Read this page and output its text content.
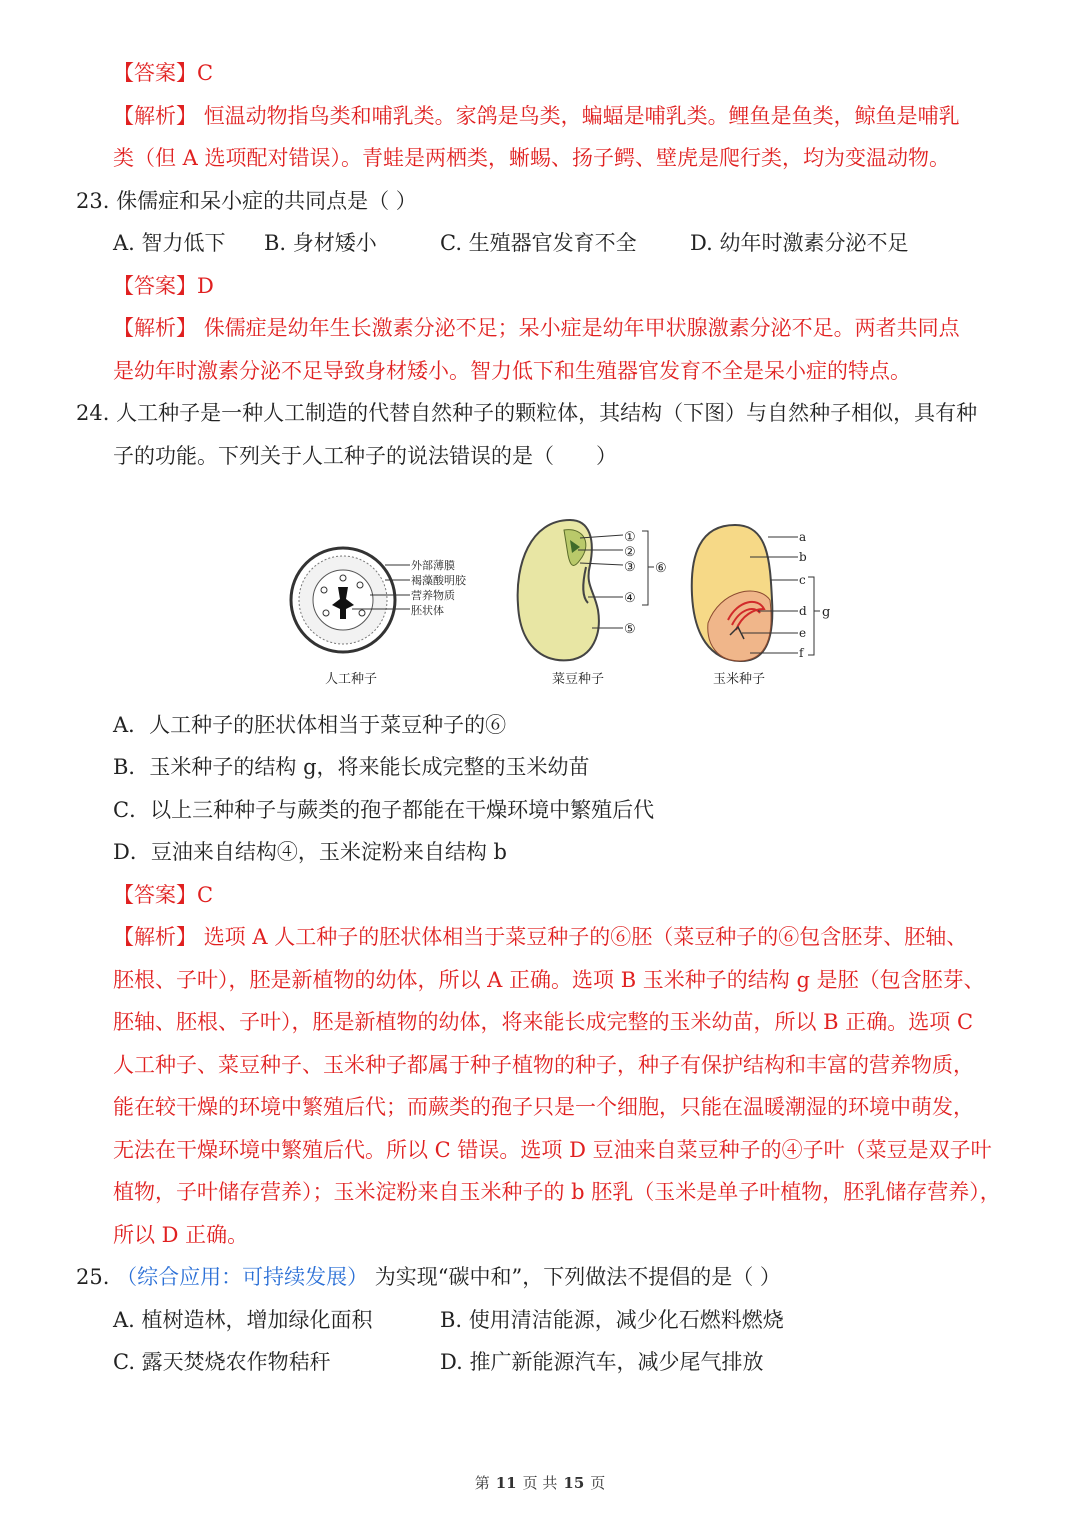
【答案】C
【解析】 恒温动物指鸟类和哺乳类。家鸽是鸟类，蝙蝠是哺乳类。鲤鱼是鱼类，鲸鱼是哺乳
类（但 A 选项配对错误）。青蛙是两栖类，蜥蜴、扬子鳄、壁虎是爬行类，均为变温动物。
23. 侏儒症和呆小症的共同点是（ ）
A. 智力低下 B. 身材矮小	C. 生殖器官发育不全	D. 幼年时激素分泌不足
【答案】D
【解析】 侏儒症是幼年生长激素分泌不足；呆小症是幼年甲状腺激素分泌不足。两者共同点
是幼年时激素分泌不足导致身材矮小。智力低下和生殖器官发育不全是呆小症的特点。
24. 人工种子是一种人工制造的代替自然种子的颗粒体，其结构（下图）与自然种子相似，具有种
子的功能。下列关于人工种子的说法错误的是（　　）
外部薄膜
褐藻酸明胶
营养物质
胚状体
人工种子
①
②
③
④
⑤
⑥
菜豆种子
a
b
c
d
e
f
g
玉米种子
A．人工种子的胚状体相当于菜豆种子的⑥
B．玉米种子的结构 g，将来能长成完整的玉米幼苗
C．以上三种种子与蕨类的孢子都能在干燥环境中繁殖后代
D．豆油来自结构④，玉米淀粉来自结构 b
【答案】C
【解析】 选项 A 人工种子的胚状体相当于菜豆种子的⑥胚（菜豆种子的⑥包含胚芽、胚轴、
胚根、子叶），胚是新植物的幼体，所以 A 正确。选项 B 玉米种子的结构 g 是胚（包含胚芽、
胚轴、胚根、子叶），胚是新植物的幼体，将来能长成完整的玉米幼苗，所以 B 正确。选项 C
人工种子、菜豆种子、玉米种子都属于种子植物的种子，种子有保护结构和丰富的营养物质，
能在较干燥的环境中繁殖后代；而蕨类的孢子只是一个细胞，只能在温暖潮湿的环境中萌发，
无法在干燥环境中繁殖后代。所以 C 错误。选项 D 豆油来自菜豆种子的④子叶（菜豆是双子叶
植物，子叶储存营养）；玉米淀粉来自玉米种子的 b 胚乳（玉米是单子叶植物，胚乳储存营养），
所以 D 正确。
25. （综合应用：可持续发展） 为实现“碳中和”，下列做法不提倡的是（ ）
A. 植树造林，增加绿化面积	B. 使用清洁能源，减少化石燃料燃烧
C. 露天焚烧农作物秸秆	D. 推广新能源汽车，减少尾气排放
第 11 页 共 15 页
